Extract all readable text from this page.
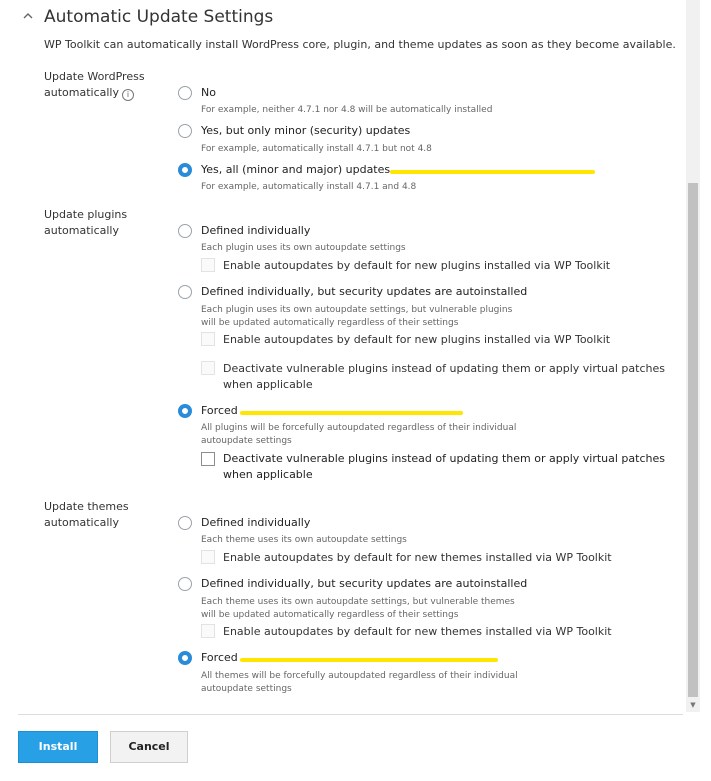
Automatic Update Settings
WP Toolkit can automatically install WordPress core, plugin, and theme updates as soon as they become available.
Update WordPress
automatically i	No
For example, neither 4.7.1 nor 4.8 will be automatically installed
Yes, but only minor (security) updates
For example, automatically install 4.7.1 but not 4.8
Yes, all (minor and major) updates
For example, automatically install 4.7.1 and 4.8
Update plugins
automatically	Defined individually
Each plugin uses its own autoupdate settings
Enable autoupdates by default for new plugins installed via WP Toolkit
Defined individually, but security updates are autoinstalled
Each plugin uses its own autoupdate settings, but vulnerable plugins
will be updated automatically regardless of their settings
Enable autoupdates by default for new plugins installed via WP Toolkit
Deactivate vulnerable plugins instead of updating them or apply virtual patches
when applicable
Forced
All plugins will be forcefully autoupdated regardless of their individual
autoupdate settings
Deactivate vulnerable plugins instead of updating them or apply virtual patches
when applicable
Update themes
automatically	Defined individually
Each theme uses its own autoupdate settings
Enable autoupdates by default for new themes installed via WP Toolkit
Defined individually, but security updates are autoinstalled
Each theme uses its own autoupdate settings, but vulnerable themes
will be updated automatically regardless of their settings
Enable autoupdates by default for new themes installed via WP Toolkit
Forced
All themes will be forcefully autoupdated regardless of their individual
autoupdate settings
▼
Install	Cancel
